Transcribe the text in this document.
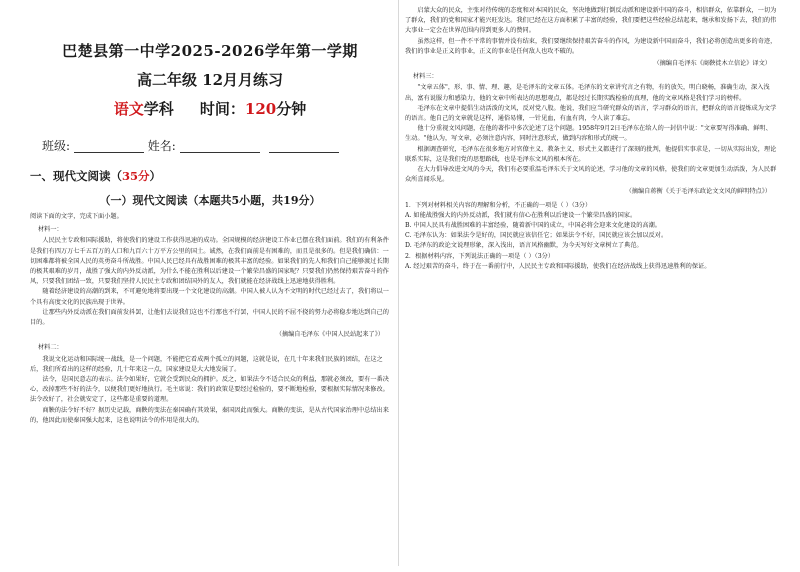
巴楚县第一中学2025-2026学年第一学期
高二年级 12月月练习
语文学科 时间：120分钟
班级:	姓名:
一、现代文阅读（35分）
（一）现代文阅读（本题共5小题，共19分）
阅读下面的文字，完成下面小题。
材料一：

人民民主专政和国际援助，将使我们的建设工作获得迅速的成功。全国规模的经济建设工作业已摆在我们面前。我们的有利条件是我们有四万万七千五百万的人口和九百六十万平方公里的国土。诚然，在我们面前是有困难的，而且是很多的。但是我们确信：一切困难都将被全国人民的英勇奋斗所战胜。中国人民已经具有战胜困难的极其丰富的经验。如果我们的先人和我们自己能够渡过长期的极其艰难的岁月，战胜了强大的内外反动派，为什么不能在胜利以后建设一个繁荣昌盛的国家呢？只要我们仍然保持艰苦奋斗的作风，只要我们团结一致，只要我们坚持人民民主专政和团结国外的友人，我们就能在经济战线上迅速地获得胜利。

随着经济建设的高潮的到来，不可避免地将要出现一个文化建设的高潮。中国人被人认为不文明的时代已经过去了，我们将以一个具有高度文化的民族出现于世界。

让那些内外反动派在我们面前发抖罢，让他们去说我们这也不行那也不行罢，中国人民的不屈不挠的努力必将稳步地达到自己的目的。

（摘编自毛泽东《中国人民站起来了》）
材料二：

我说文化运动和国际统一战线，是一个问题，不能把它看成两个孤立的问题，这就是说，在几十年来我们民族的团结，在这之后，我们所看出的这样的经验，几十年来这一点，国家建设是大大地发展了。

法令，是国民意志的表示。法令如果好，它就会受到民众的拥护。反之，如果法令不适合民众的利益，那就必须改，要有一番决心，改掉那些不好的法令，以便我们更好地执行。毛主席说：我们的政策是要经过检验的，要不断地检验，要根据实际情况来修改。法令改好了，社会就安定了，这些都是重要的道理。

商鞅的法令好不好？据历史记载，商鞅的变法在秦国确有其效果，秦国因此而强大。商鞅的变法，是从古代国家治理中总结出来的，他因此而使秦国强大起来，这也说明法令的作用是很大的。

启蒙大众的民众，主张对待传统的态度和对本国的民众，坚决地做到打倒反动派和建设新中国的奋斗，相信群众，依靠群众，一切为了群众，我们的党和国家才能兴旺发达。我们已经在这方面积累了丰富的经验，我们要把这些经验总结起来，继承和发扬下去，我们的伟大事业一定会在世界范围内得到更多人的赞同。

虽然这样，但一件不平常的事情并没有结束，我们要继续保持艰苦奋斗的作风，为建设新中国而奋斗，我们必将创造出更多的奇迹，我们的事业是正义的事业，正义的事业是任何敌人也攻不破的。

（摘编自毛泽东《商鞅徙木立信论》译文）
材料三：

"文章五体"，形、事、情、理、趣，是毛泽东的文章五体。毛泽东的文章讲究言之有物，有的放矢，明白晓畅，准确生动，深入浅出，富有说服力和感染力，他的文章中所表达的思想观点，都是经过长期实践检验的真理，他的文章风格是我们学习的榜样。

毛泽东在文章中提倡生动活泼的文风，反对党八股。他说，我们应当研究群众的语言，学习群众的语言，把群众的语言提炼成为文学的语言。他自己的文章就是这样，通俗易懂，一针见血，有血有肉，令人读了难忘。

他十分重视文风问题，在他的著作中多次论述了这个问题。1958年9月2日毛泽东在给人的一封信中说："文章要写得准确、鲜明、生动。"他认为，写文章，必须注意内容，同时注意形式，做到内容和形式的统一。

根据调查研究，毛泽东在很多地方对官僚主义、教条主义、形式主义都进行了深刻的批判，他提倡实事求是，一切从实际出发，理论联系实际，这是我们党的思想路线，也是毛泽东文风的根本所在。

在大力倡导改进文风的今天，我们有必要重温毛泽东关于文风的论述，学习他的文章的风格，使我们的文章更加生动活泼，为人民群众所喜闻乐见。

（摘编自蒋衡《关于毛泽东政论文文风的鲜明特点》）

1．下列对材料相关内容的理解和分析，不正确的一项是（ ）（3分）

A. 如能战胜强大的内外反动派，我们就有信心在胜利以后建设一个繁荣昌盛的国家。

B. 中国人民具有战胜困难的丰富经验，随着新中国的成立，中国必将会迎来文化建设的高潮。

C. 毛泽东认为：如果法令是好的，国民就应该信任它；如果法令不好，国民就应该会加以反对。

D. 毛泽东的政论文说理形象，深入浅出，语言风格幽默，为今天写好文章树立了典范。

2．根据材料内容，下列说法正确的一项是（ ）（3分）

A. 经过艰苦的奋斗，终于在一番前行中，人民民主专政和国际援助，使我们在经济战线上获得迅速胜利的保证。
